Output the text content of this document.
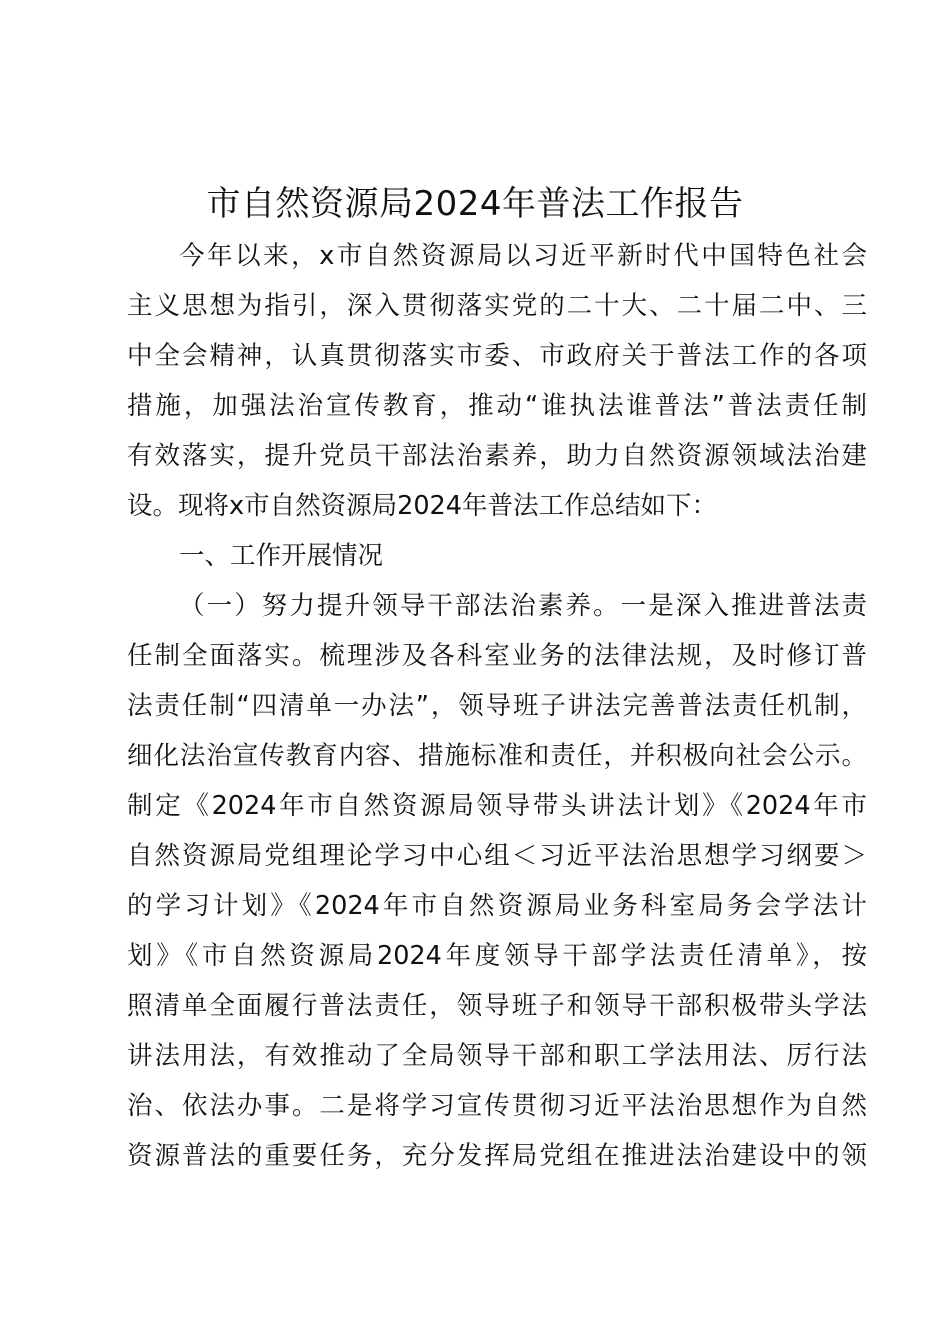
市自然资源局2024年普法工作报告
今年以来，x市自然资源局以习近平新时代中国特色社会
主义思想为指引，深入贯彻落实党的二十大、二十届二中、三
中全会精神，认真贯彻落实市委、市政府关于普法工作的各项
措施，加强法治宣传教育，推动“谁执法谁普法”普法责任制
有效落实，提升党员干部法治素养，助力自然资源领域法治建
设。现将x市自然资源局2024年普法工作总结如下：
一、工作开展情况
（一）努力提升领导干部法治素养。一是深入推进普法责
任制全面落实。梳理涉及各科室业务的法律法规，及时修订普
法责任制“四清单一办法”，领导班子讲法完善普法责任机制，
细化法治宣传教育内容、措施标准和责任，并积极向社会公示。
制定《2024年市自然资源局领导带头讲法计划》《2024年市
自然资源局党组理论学习中心组＜习近平法治思想学习纲要＞
的学习计划》《2024年市自然资源局业务科室局务会学法计
划》《市自然资源局2024年度领导干部学法责任清单》，按
照清单全面履行普法责任，领导班子和领导干部积极带头学法
讲法用法，有效推动了全局领导干部和职工学法用法、厉行法
治、依法办事。二是将学习宣传贯彻习近平法治思想作为自然
资源普法的重要任务，充分发挥局党组在推进法治建设中的领
